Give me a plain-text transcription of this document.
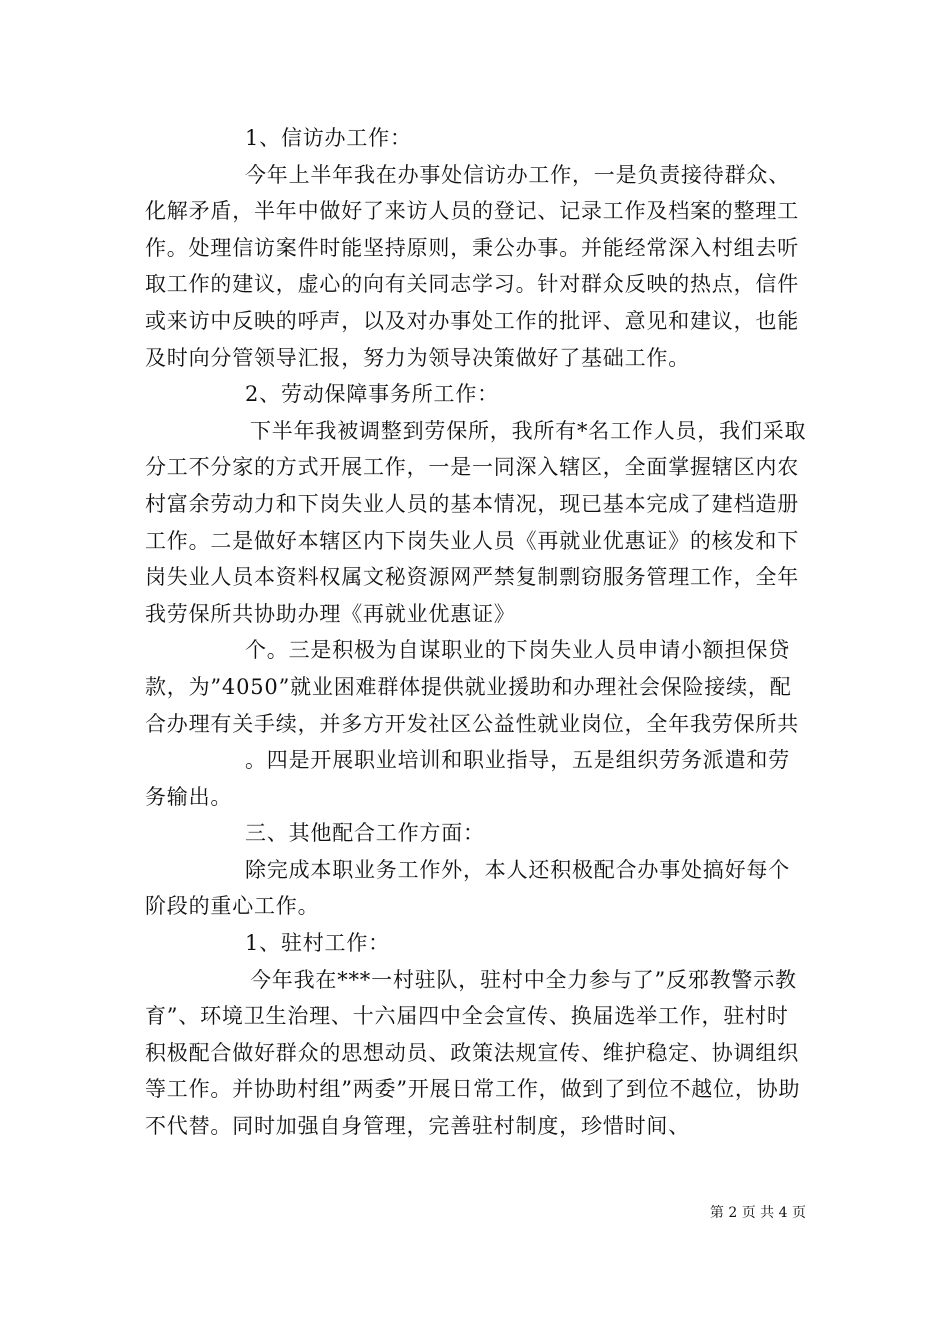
1、信访办工作：

今年上半年我在办事处信访办工作，一是负责接待群众、化解矛盾，半年中做好了来访人员的登记、记录工作及档案的整理工作。处理信访案件时能坚持原则，秉公办事。并能经常深入村组去听取工作的建议，虚心的向有关同志学习。针对群众反映的热点，信件或来访中反映的呼声，以及对办事处工作的批评、意见和建议，也能及时向分管领导汇报，努力为领导决策做好了基础工作。

2、劳动保障事务所工作：

下半年我被调整到劳保所，我所有*名工作人员，我们采取分工不分家的方式开展工作，一是一同深入辖区，全面掌握辖区内农村富余劳动力和下岗失业人员的基本情况，现已基本完成了建档造册工作。二是做好本辖区内下岗失业人员《再就业优惠证》的核发和下岗失业人员本资料权属文秘资源网严禁复制剽窃服务管理工作，全年我劳保所共协助办理《再就业优惠证》

个。三是积极为自谋职业的下岗失业人员申请小额担保贷款，为”4050”就业困难群体提供就业援助和办理社会保险接续，配合办理有关手续，并多方开发社区公益性就业岗位，全年我劳保所共

。四是开展职业培训和职业指导，五是组织劳务派遣和劳务输出。

三、其他配合工作方面：

除完成本职业务工作外，本人还积极配合办事处搞好每个阶段的重心工作。

1、驻村工作：

今年我在***一村驻队，驻村中全力参与了”反邪教警示教育”、环境卫生治理、十六届四中全会宣传、换届选举工作，驻村时积极配合做好群众的思想动员、政策法规宣传、维护稳定、协调组织等工作。并协助村组”两委”开展日常工作，做到了到位不越位，协助不代替。同时加强自身管理，完善驻村制度，珍惜时间、

第 2 页 共 4 页
